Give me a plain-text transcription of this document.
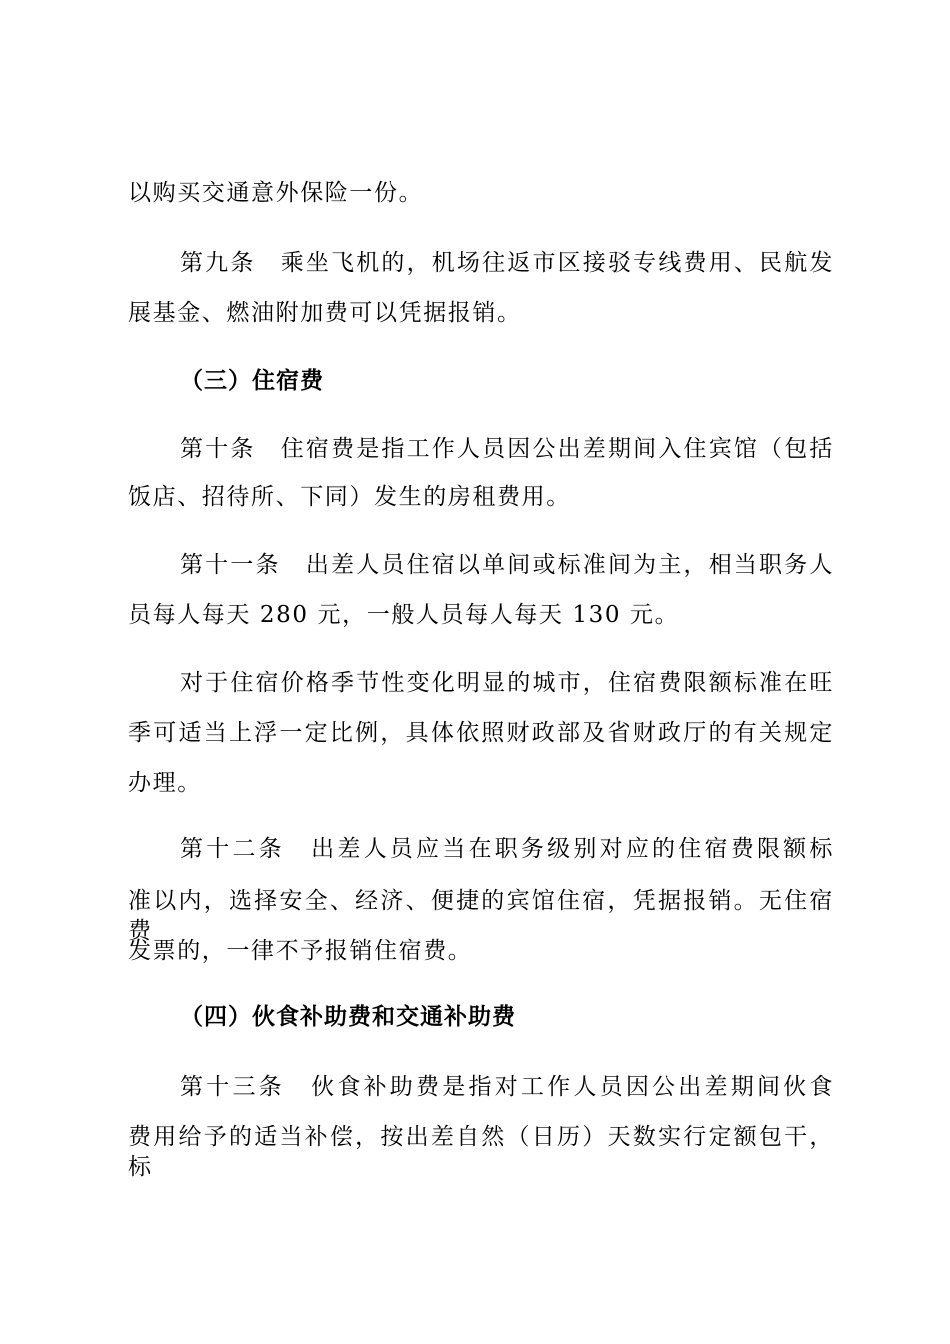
以购买交通意外保险一份。
第九条　乘坐飞机的，机场往返市区接驳专线费用、民航发
展基金、燃油附加费可以凭据报销。
（三）住宿费
第十条　住宿费是指工作人员因公出差期间入住宾馆（包括
饭店、招待所、下同）发生的房租费用。
第十一条　出差人员住宿以单间或标准间为主，相当职务人
员每人每天 280 元，一般人员每人每天 130 元。
对于住宿价格季节性变化明显的城市，住宿费限额标准在旺
季可适当上浮一定比例，具体依照财政部及省财政厅的有关规定
办理。
第十二条　出差人员应当在职务级别对应的住宿费限额标
准以内，选择安全、经济、便捷的宾馆住宿，凭据报销。无住宿费
发票的，一律不予报销住宿费。
（四）伙食补助费和交通补助费
第十三条　伙食补助费是指对工作人员因公出差期间伙食
费用给予的适当补偿，按出差自然（日历）天数实行定额包干，标
